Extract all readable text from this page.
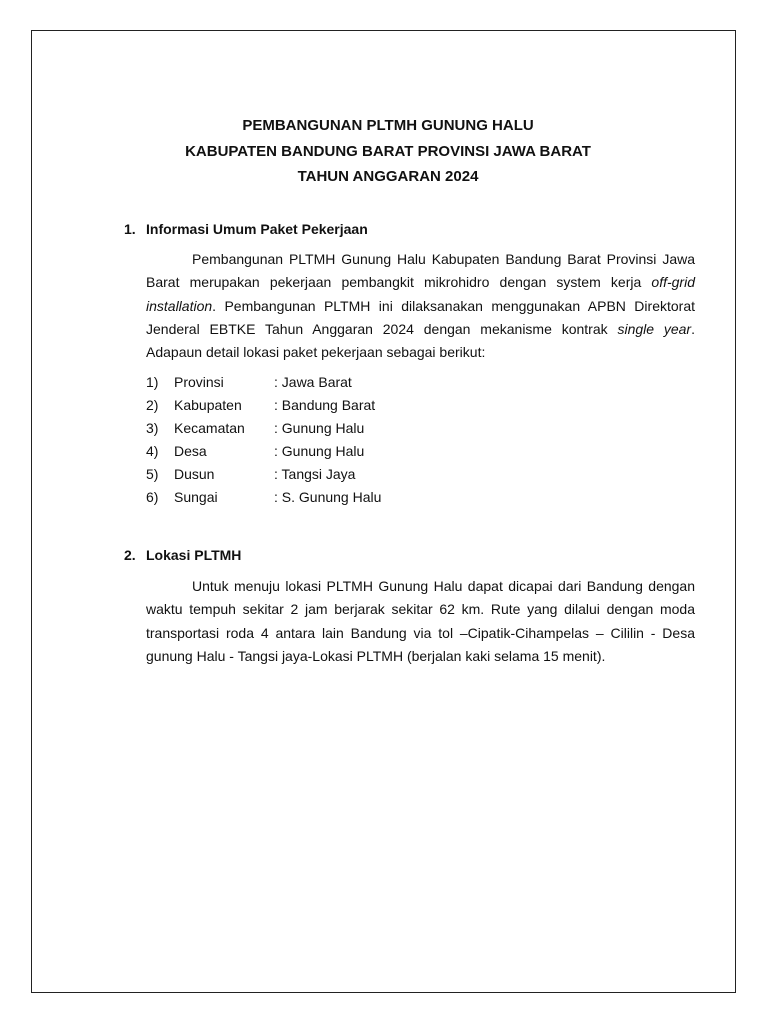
PEMBANGUNAN PLTMH GUNUNG HALU
KABUPATEN BANDUNG BARAT PROVINSI JAWA BARAT
TAHUN ANGGARAN 2024
1. Informasi Umum Paket Pekerjaan

Pembangunan PLTMH Gunung Halu Kabupaten Bandung Barat Provinsi Jawa Barat merupakan pekerjaan pembangkit mikrohidro dengan system kerja off-grid installation. Pembangunan PLTMH ini dilaksanakan menggunakan APBN Direktorat Jenderal EBTKE Tahun Anggaran 2024 dengan mekanisme kontrak single year. Adapaun detail lokasi paket pekerjaan sebagai berikut:

1) Provinsi	: Jawa Barat
2) Kabupaten : Bandung Barat
3) Kecamatan : Gunung Halu
4) Desa	: Gunung Halu
5) Dusun	: Tangsi Jaya
6) Sungai	: S. Gunung Halu
2. Lokasi PLTMH

Untuk menuju lokasi PLTMH Gunung Halu dapat dicapai dari Bandung dengan waktu tempuh sekitar 2 jam berjarak sekitar 62 km. Rute yang dilalui dengan moda transportasi roda 4 antara lain Bandung via tol –Cipatik-Cihampelas – Cililin - Desa gunung Halu - Tangsi jaya-Lokasi PLTMH (berjalan kaki selama 15 menit).
